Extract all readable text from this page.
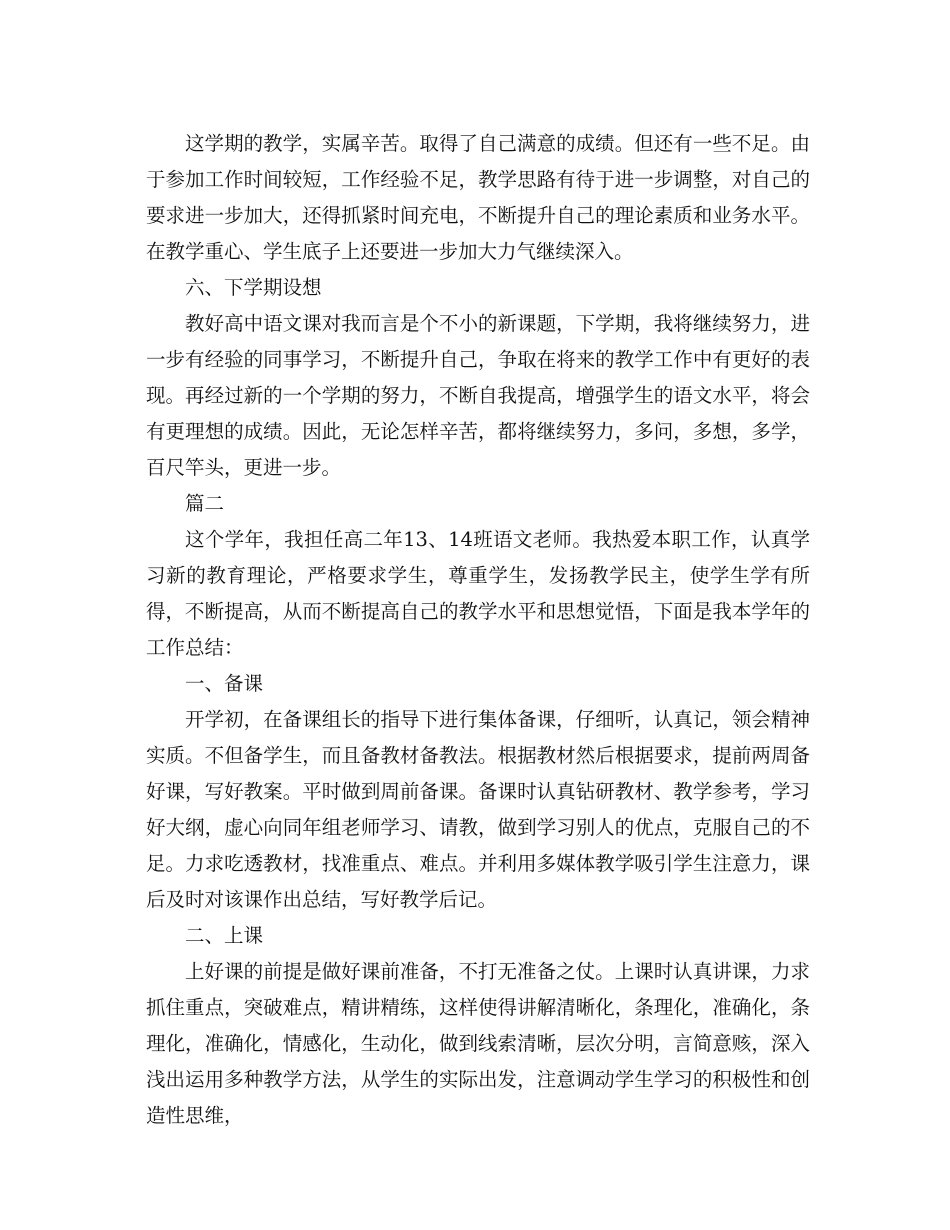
这学期的教学，实属辛苦。取得了自己满意的成绩。但还有一些不足。由于参加工作时间较短，工作经验不足，教学思路有待于进一步调整，对自己的要求进一步加大，还得抓紧时间充电，不断提升自己的理论素质和业务水平。在教学重心、学生底子上还要进一步加大力气继续深入。

六、下学期设想

教好高中语文课对我而言是个不小的新课题，下学期，我将继续努力，进一步有经验的同事学习，不断提升自己，争取在将来的教学工作中有更好的表现。再经过新的一个学期的努力，不断自我提高，增强学生的语文水平，将会有更理想的成绩。因此，无论怎样辛苦，都将继续努力，多问，多想，多学，百尺竿头，更进一步。

篇二

这个学年，我担任高二年13、14班语文老师。我热爱本职工作，认真学习新的教育理论，严格要求学生，尊重学生，发扬教学民主，使学生学有所得，不断提高，从而不断提高自己的教学水平和思想觉悟，下面是我本学年的工作总结：

一、备课

开学初，在备课组长的指导下进行集体备课，仔细听，认真记，领会精神实质。不但备学生，而且备教材备教法。根据教材然后根据要求，提前两周备好课，写好教案。平时做到周前备课。备课时认真钻研教材、教学参考，学习好大纲，虚心向同年组老师学习、请教，做到学习别人的优点，克服自己的不足。力求吃透教材，找准重点、难点。并利用多媒体教学吸引学生注意力，课后及时对该课作出总结，写好教学后记。

二、上课

上好课的前提是做好课前准备，不打无准备之仗。上课时认真讲课，力求抓住重点，突破难点，精讲精练，这样使得讲解清晰化，条理化，准确化，条理化，准确化，情感化，生动化，做到线索清晰，层次分明，言简意赅，深入浅出运用多种教学方法，从学生的实际出发，注意调动学生学习的积极性和创造性思维，
